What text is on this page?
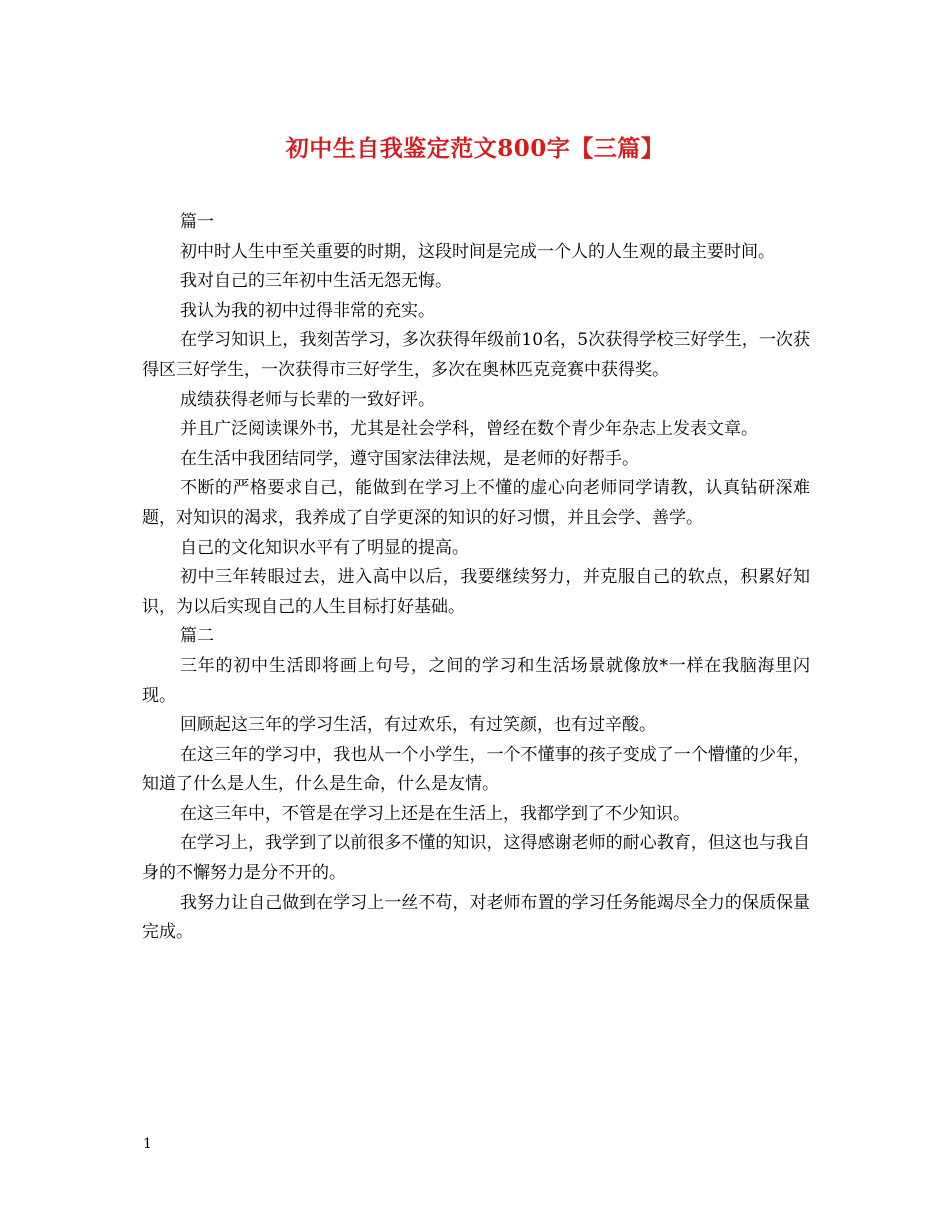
初中生自我鉴定范文800字【三篇】

篇一

初中时人生中至关重要的时期，这段时间是完成一个人的人生观的最主要时间。

我对自己的三年初中生活无怨无悔。

我认为我的初中过得非常的充实。

在学习知识上，我刻苦学习，多次获得年级前10名，5次获得学校三好学生，一次获得区三好学生，一次获得市三好学生，多次在奥林匹克竞赛中获得奖。

成绩获得老师与长辈的一致好评。

并且广泛阅读课外书，尤其是社会学科，曾经在数个青少年杂志上发表文章。

在生活中我团结同学，遵守国家法律法规，是老师的好帮手。

不断的严格要求自己，能做到在学习上不懂的虚心向老师同学请教，认真钻研深难题，对知识的渴求，我养成了自学更深的知识的好习惯，并且会学、善学。

自己的文化知识水平有了明显的提高。

初中三年转眼过去，进入高中以后，我要继续努力，并克服自己的软点，积累好知识，为以后实现自己的人生目标打好基础。

篇二

三年的初中生活即将画上句号，之间的学习和生活场景就像放*一样在我脑海里闪现。

回顾起这三年的学习生活，有过欢乐，有过笑颜，也有过辛酸。

在这三年的学习中，我也从一个小学生，一个不懂事的孩子变成了一个懵懂的少年，知道了什么是人生，什么是生命，什么是友情。

在这三年中，不管是在学习上还是在生活上，我都学到了不少知识。

在学习上，我学到了以前很多不懂的知识，这得感谢老师的耐心教育，但这也与我自身的不懈努力是分不开的。

我努力让自己做到在学习上一丝不苟，对老师布置的学习任务能竭尽全力的保质保量完成。

1
